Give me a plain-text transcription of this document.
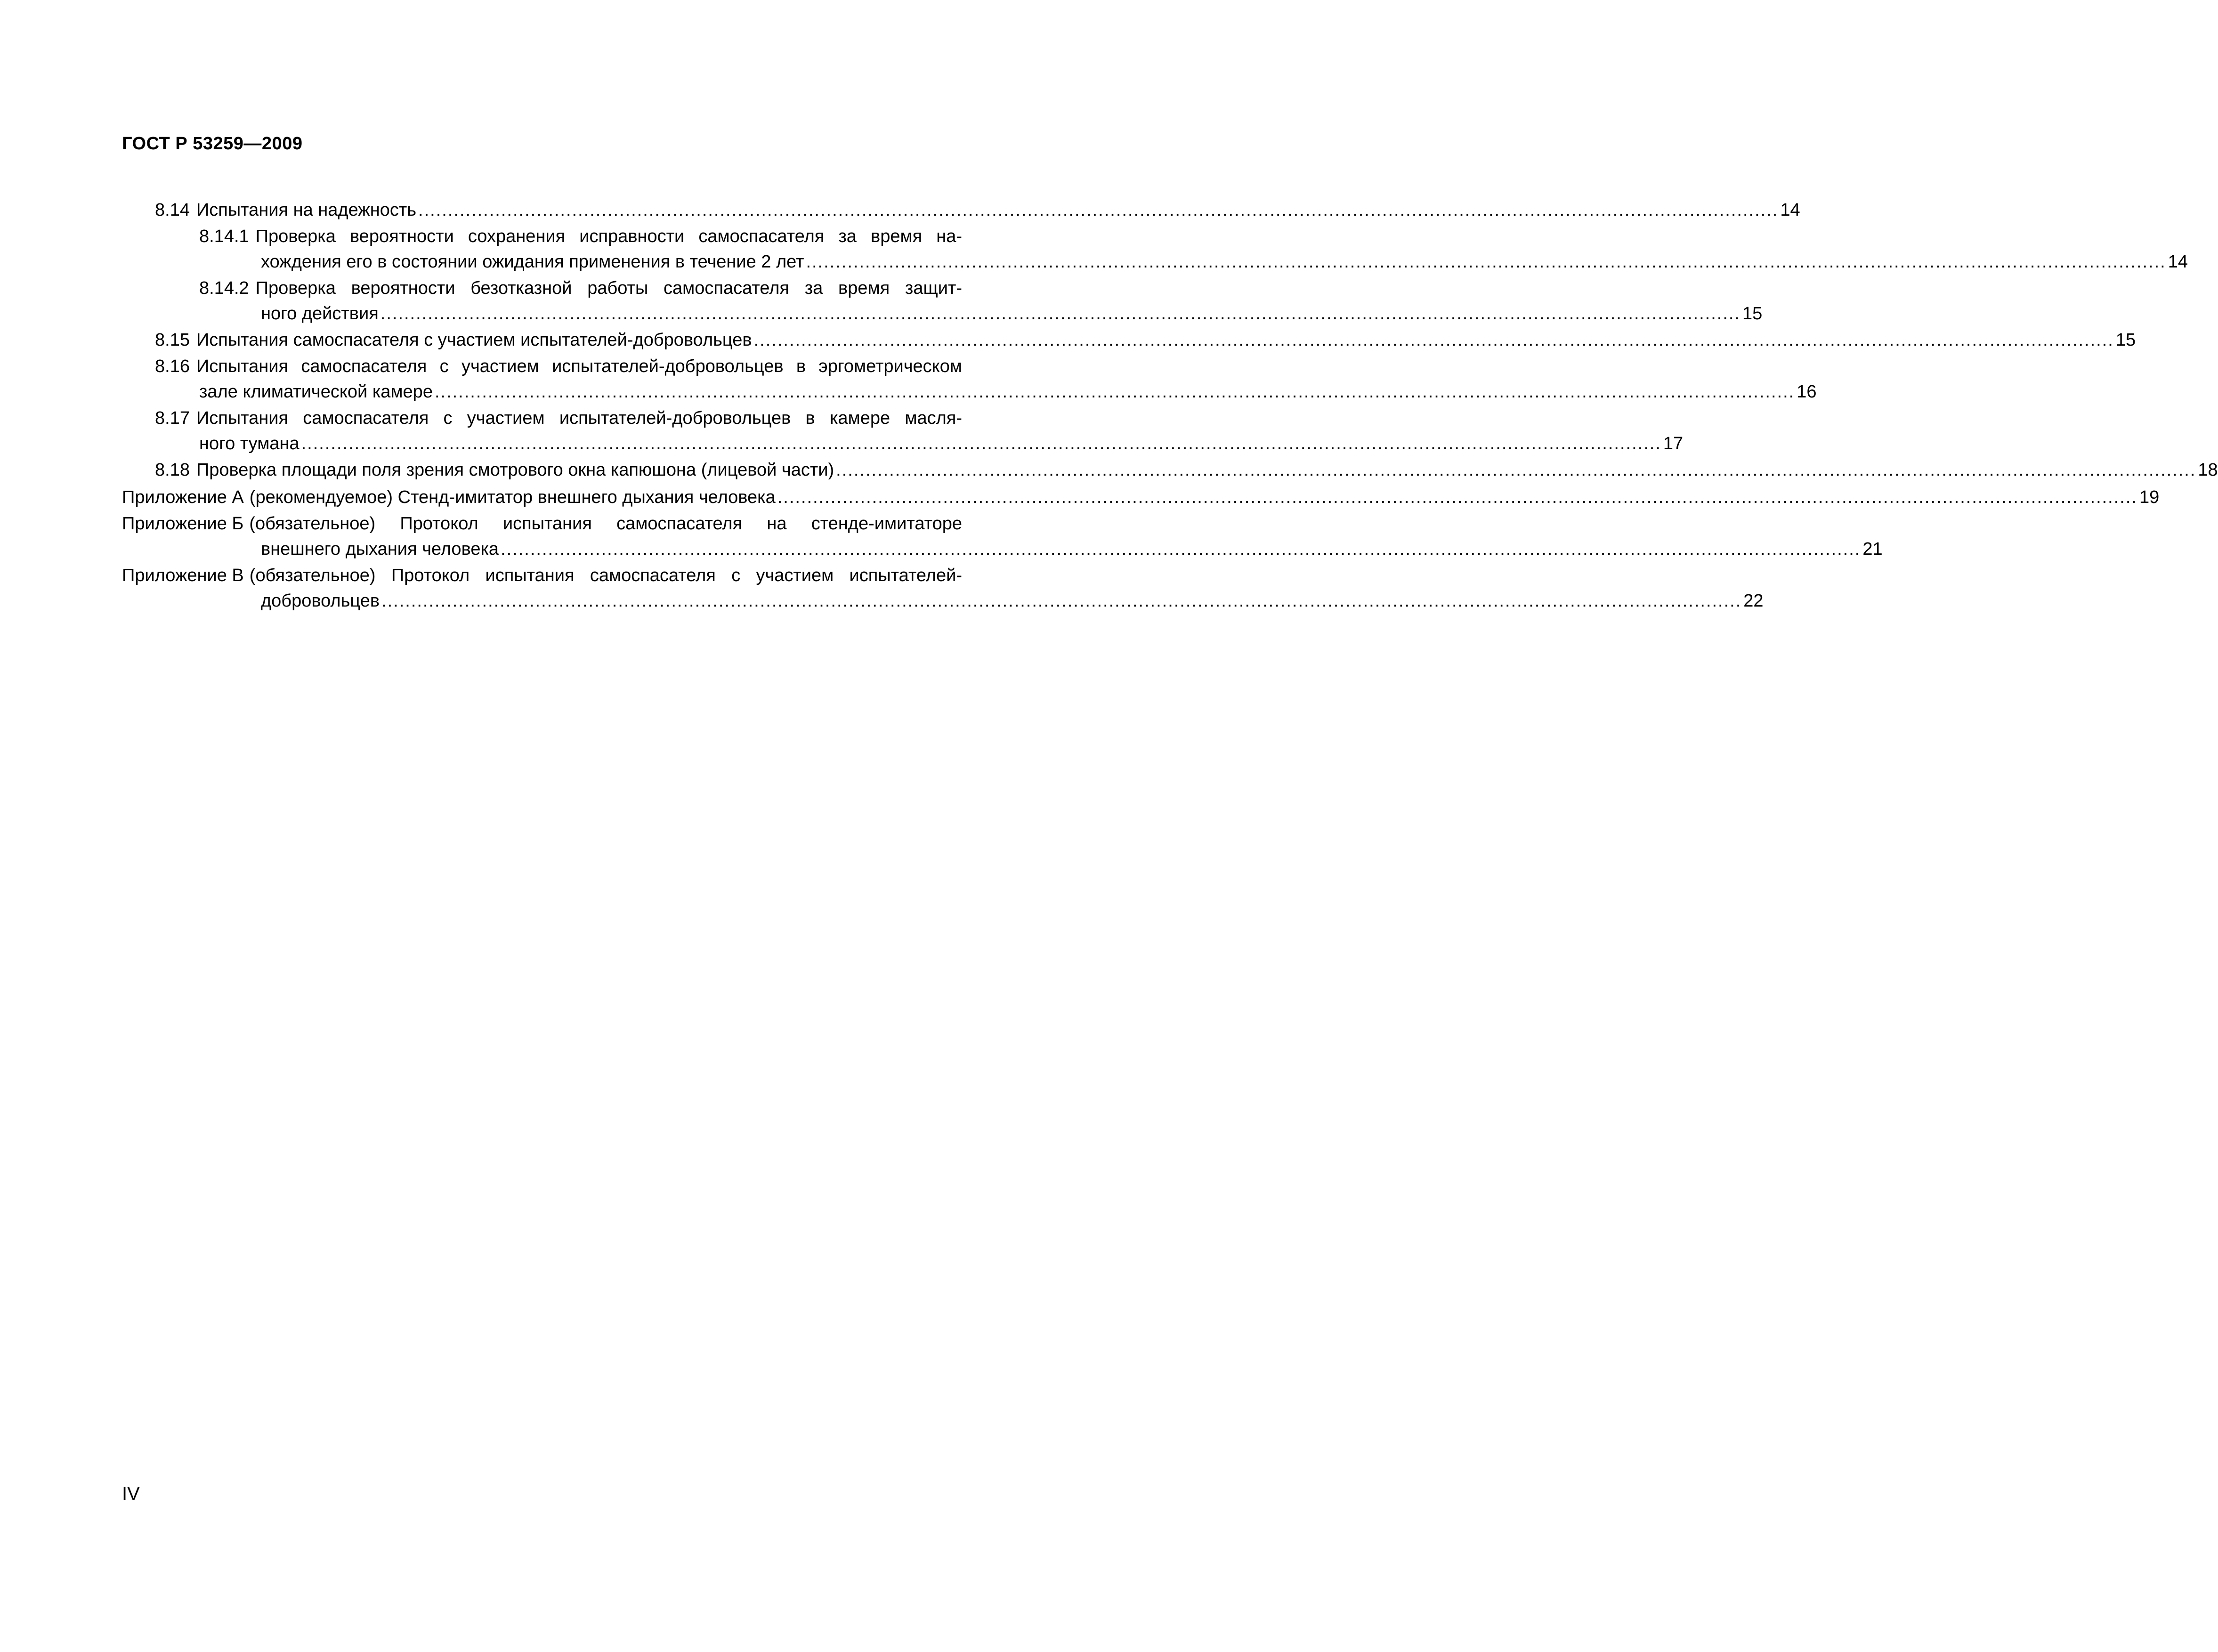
ГОСТ Р 53259—2009
8.14 Испытания на надежность ...................................................................................................................................................................................................................................... 14
8.14.1 Проверка вероятности сохранения исправности самоспасателя за время на-
хождения его в состоянии ожидания применения в течение 2 лет ...................................................................................................................................................................................................................................... 14
8.14.2 Проверка вероятности безотказной работы самоспасателя за время защит-
ного действия ...................................................................................................................................................................................................................................... 15
8.15 Испытания самоспасателя с участием испытателей-добровольцев ...................................................................................................................................................................................................................................... 15
8.16 Испытания самоспасателя с участием испытателей-добровольцев в эргометрическом
зале климатической камере ...................................................................................................................................................................................................................................... 16
8.17 Испытания самоспасателя с участием испытателей-добровольцев в камере масля-
ного тумана ...................................................................................................................................................................................................................................... 17
8.18 Проверка площади поля зрения смотрового окна капюшона (лицевой части) ...................................................................................................................................................................................................................................... 18
Приложение А (рекомендуемое) Стенд-имитатор внешнего дыхания человека ...................................................................................................................................................................................................................................... 19
Приложение Б (обязательное) Протокол испытания самоспасателя на стенде-имитаторе
внешнего дыхания человека ...................................................................................................................................................................................................................................... 21
Приложение В (обязательное) Протокол испытания самоспасателя с участием испытателей-
добровольцев ...................................................................................................................................................................................................................................... 22
IV
